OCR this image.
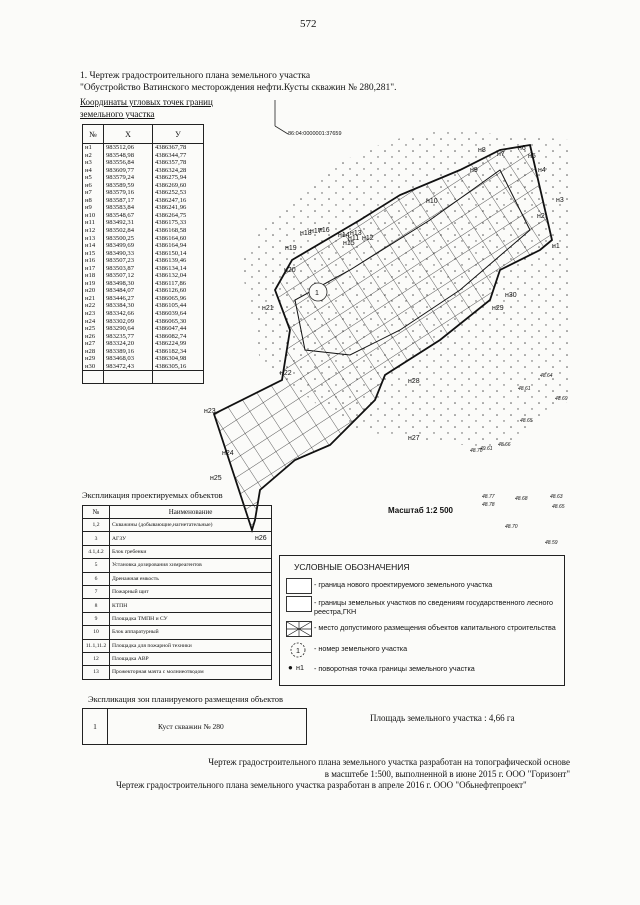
572
1. Чертеж градостроительного плана земельного участка
"Обустройство Ватинского месторождения нефти.Кусты скважин № 280,281".
Координаты угловых точек границ
земельного участка
№	X	У
н1	983512,06	4386367,78
н2	983548,98	4386344,77
н3	983556,84	4386357,78
н4	983609,77	4386324,28
н5	983579,24	4386275,94
н6	983589,59	4386269,60
н7	983579,16	4386252,53
н8	983587,17	4386247,16
н9	983583,84	4386241,96
н10	983548,67	4386264,75
н11	983492,31	4386175,33
н12	983502,84	4386168,58
н13	983500,25	4386164,60
н14	983499,69	4386164,94
н15	983490,33	4386150,14
н16	983507,23	4386139,46
н17	983503,87	4386134,14
н18	983507,12	4386132,04
н19	983498,30	4386117,86
н20	983484,07	4386126,60
н21	983446,27	4386065,96
н22	983384,30	4386105,44
н23	983342,66	4386039,64
н24	983302,09	4386065,30
н25	983290,64	4386047,44
н26	983235,77	4386082,74
н27	983324,20	4386224,99
н28	983389,16	4386182,34
н29	983468,03	4386304,98
н30	983472,43	4386305,16

86:04:0000001:37659
1
н1
н2
н3
н4
н5
н6
н7
н8
н9
н10
н11 н12
н13
н14
н15
н16
н17
н18
н19
н20
н21
н22
н23
н24
н25
н26
н27
н28
н29
н30
48.64
48.61
48.69
49.61
48.65
48.70
48.66
48.77	48.68	48.63
48.78	48.65
48.70
48.59
Масштаб 1:2 500
Экспликация проектируемых объектов
№	Наименование
1,2	Скважины (добывающие,нагнетательные)
3	АГЗУ
4.1,4.2	Блок гребенки
5	Установка дозирования химреагентов
6	Дренажная емкость
7	Пожарный щит
8	КТПН
9	Площадка ТМПН и СУ
10	Блок аппаратурный
11.1,11.2	Площадка для пожарной техники
12	Площадка АВР
13	Прожекторная мачта с молниеотводом
УСЛОВНЫЕ ОБОЗНАЧЕНИЯ
- граница нового проектируемого земельного участка
- границы земельных участков по сведениям государственного лесного реестра,ГКН
- место допустимого размещения объектов капитального строительства
1 - номер земельного участка
● н1 - поворотная точка границы земельного участка
Экспликация зон планируемого размещения объектов
1	Куст скважин № 280
Площадь земельного участка : 4,66 га
Чертеж градостроительного плана земельного участка разработан на топографической основе
в масштебе 1:500, выполненной в июне 2015 г. ООО "Горизонт"
Чертеж градостроительного плана земельного участка разработан в апреле 2016 г. ООО "Обьнефтепроект"
